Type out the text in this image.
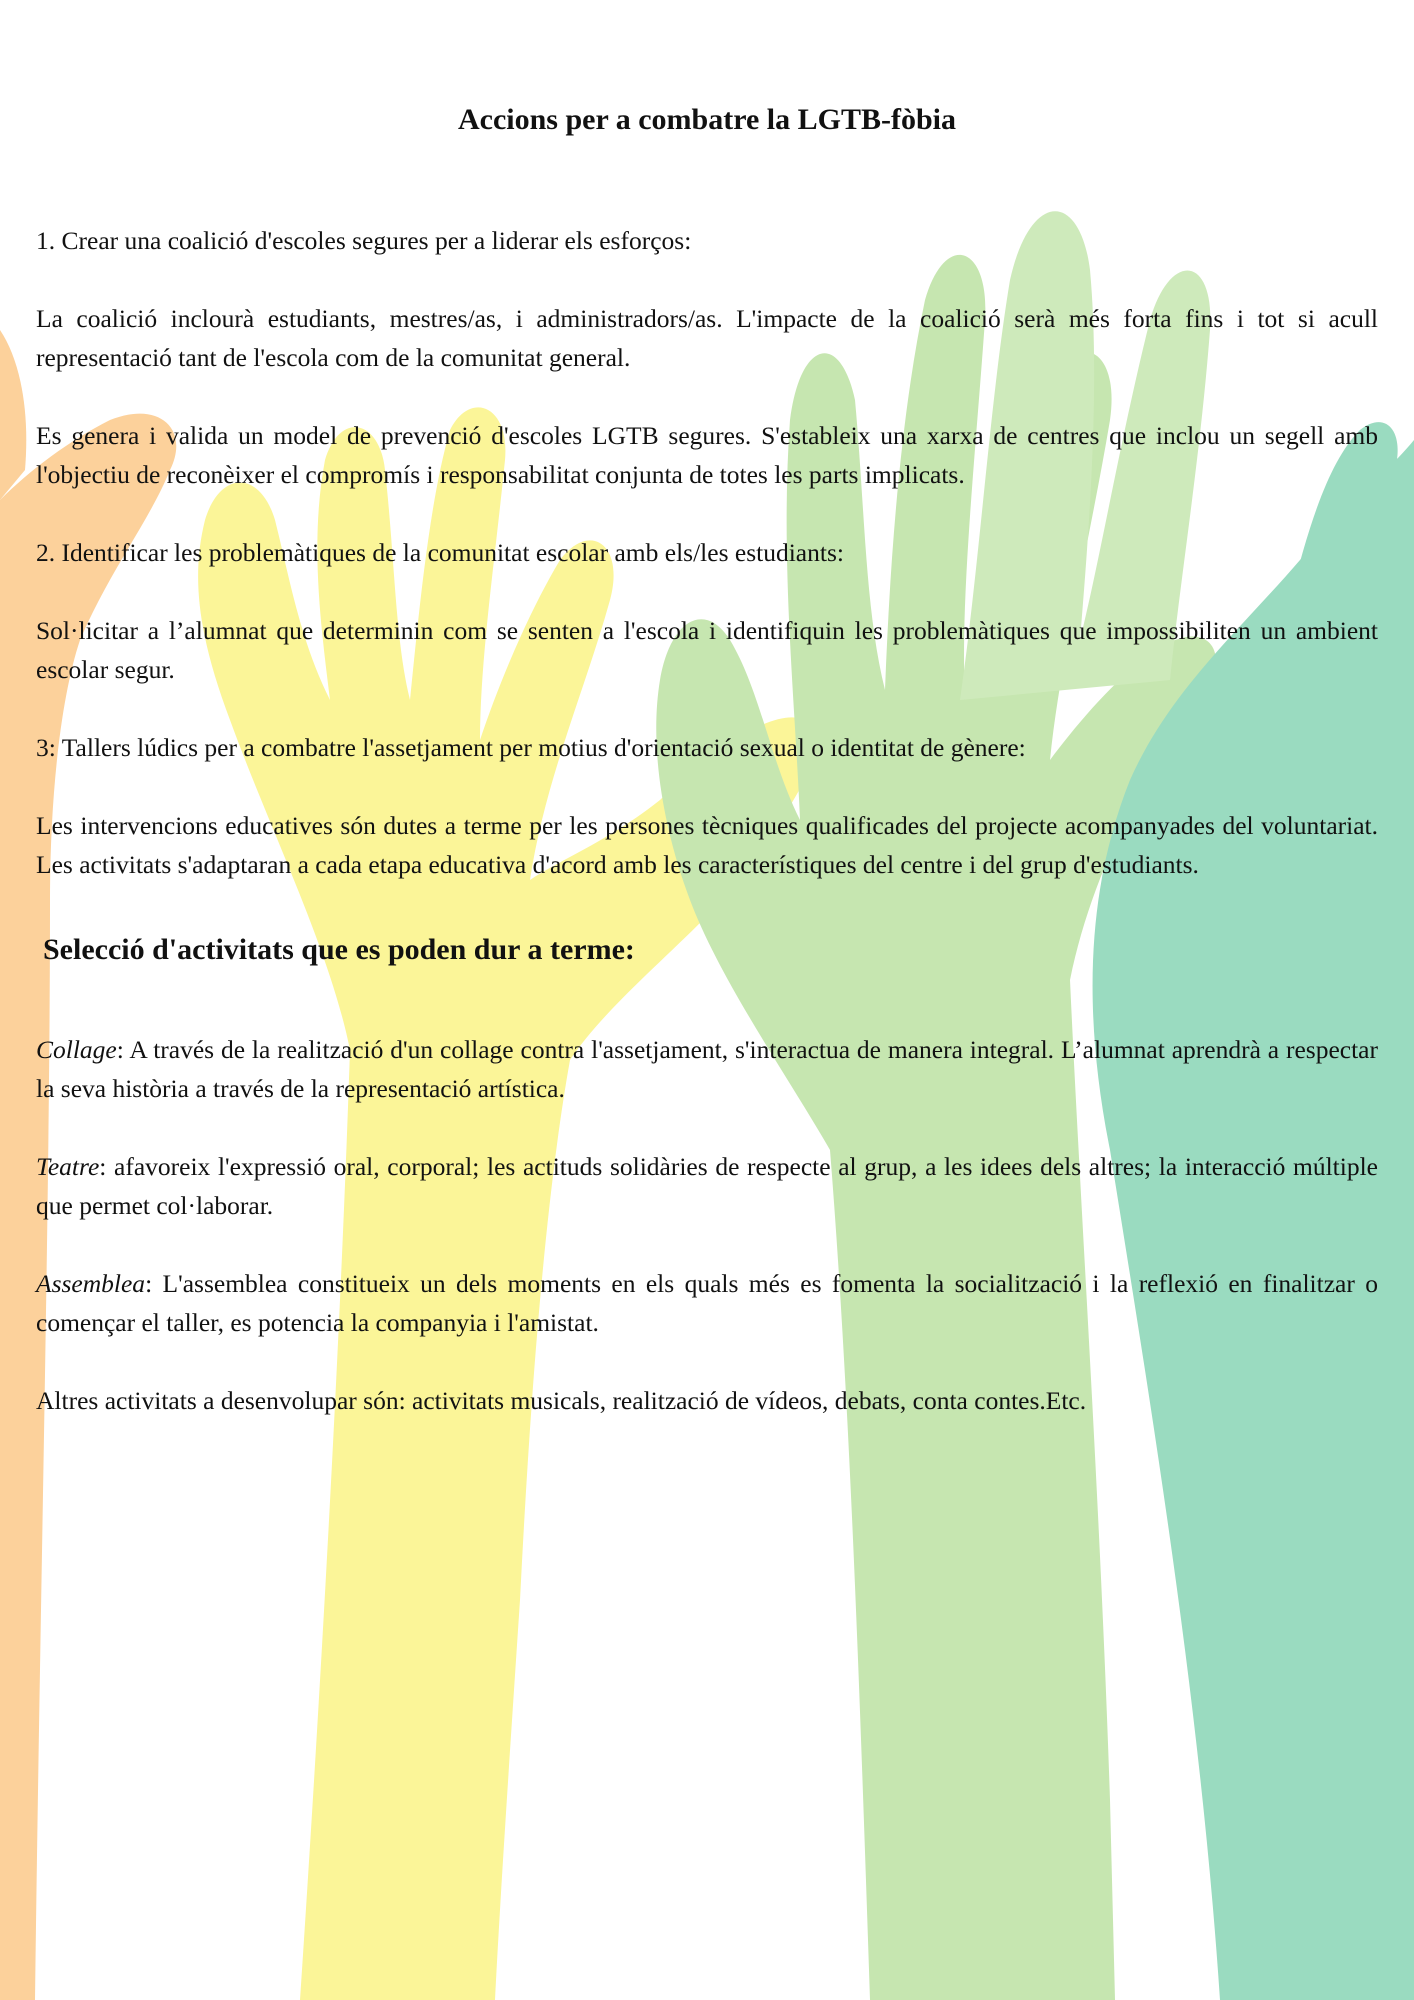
Accions per a combatre la LGTB-fòbia

1. Crear una coalició d'escoles segures per a liderar els esforços:

La coalició inclourà estudiants, mestres/as, i administradors/as. L'impacte de la coalició serà més forta fins i tot si acull representació tant de l'escola com de la comunitat general.

Es genera i valida un model de prevenció d'escoles LGTB segures. S'estableix una xarxa de centres que inclou un segell amb l'objectiu de reconèixer el compromís i responsabilitat conjunta de totes les parts implicats.

2. Identificar les problemàtiques de la comunitat escolar amb els/les estudiants:

Sol·licitar a l’alumnat que determinin com se senten a l'escola i identifiquin les problemàtiques que impossibiliten un ambient escolar segur.

3: Tallers lúdics per a combatre l'assetjament per motius d'orientació sexual o identitat de gènere:

Les intervencions educatives són dutes a terme per les persones tècniques qualificades del projecte acompanyades del voluntariat. Les activitats s'adaptaran a cada etapa educativa d'acord amb les característiques del centre i del grup d'estudiants.

Selecció d'activitats que es poden dur a terme:

Collage: A través de la realització d'un collage contra l'assetjament, s'interactua de manera integral. L’alumnat aprendrà a respectar la seva història a través de la representació artística.

Teatre: afavoreix l'expressió oral, corporal; les actituds solidàries de respecte al grup, a les idees dels altres; la interacció múltiple que permet col·laborar.

Assemblea: L'assemblea constitueix un dels moments en els quals més es fomenta la socialització i la reflexió en finalitzar o començar el taller, es potencia la companyia i l'amistat.

Altres activitats a desenvolupar són: activitats musicals, realització de vídeos, debats, conta contes.Etc.
